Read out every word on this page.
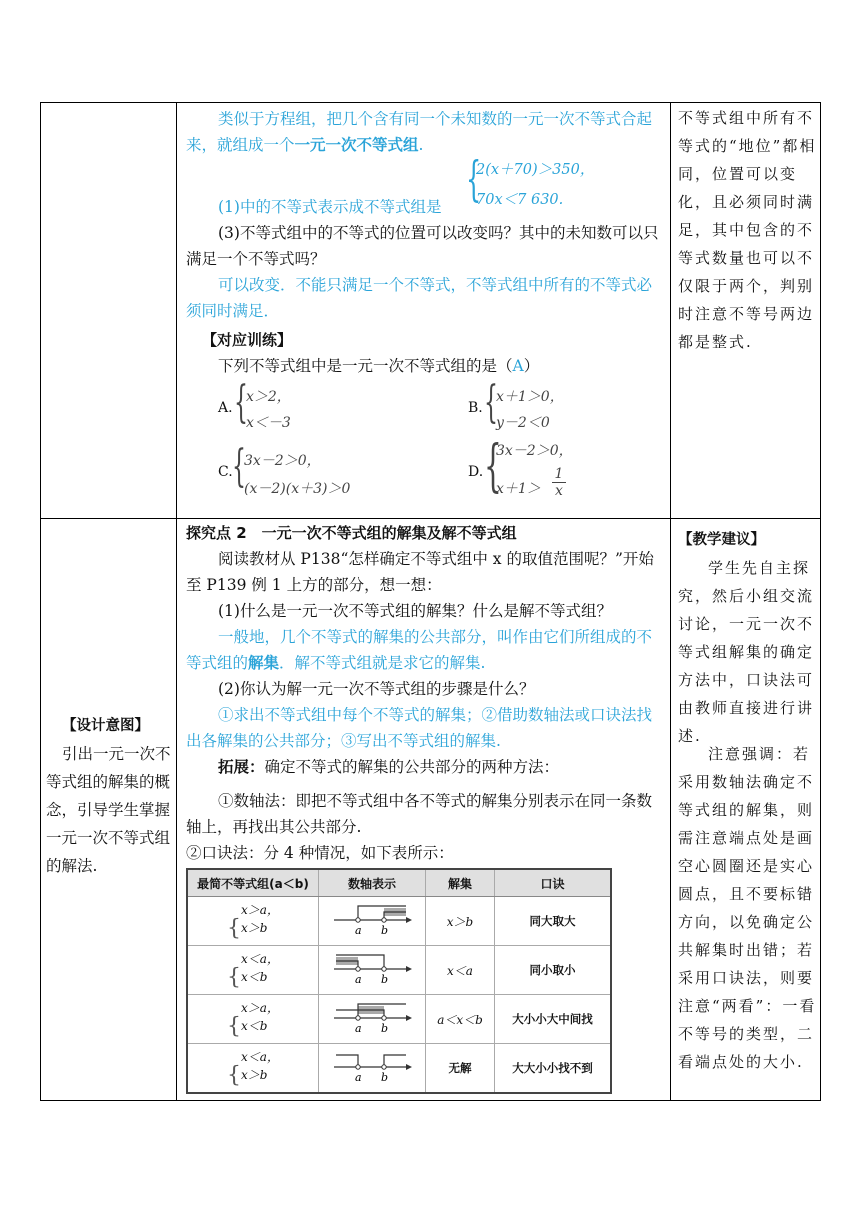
类似于方程组，把几个含有同一个未知数的一元一次不等式合起来，就组成一个一元一次不等式组.
{
2(x＋70)＞350，
70x＜7 630.
(1)中的不等式表示成不等式组是
(3)不等式组中的不等式的位置可以改变吗？其中的未知数可以只满足一个不等式吗？
可以改变．不能只满足一个不等式，不等式组中所有的不等式必须同时满足．
【对应训练】
下列不等式组中是一元一次不等式组的是（A）
A. {
x＞2，
x＜－3
B. {
x＋1＞0，
y－2＜0
C. {
3x－2＞0，
(x－2)(x＋3)＞0
D. {
3x－2＞0，
x＋1＞
1
x
不等式组中所有不等式的“地位”都相同，位置可以变化，且必须同时满足，其中包含的不等式数量也可以不仅限于两个，判别时注意不等号两边都是整式.
【设计意图】
引出一元一次不等式组的解集的概念，引导学生掌握一元一次不等式组的解法.
探究点 2　一元一次不等式组的解集及解不等式组
阅读教材从 P138“怎样确定不等式组中 x 的取值范围呢？”开始至 P139 例 1 上方的部分，想一想：
(1)什么是一元一次不等式组的解集？什么是解不等式组？
一般地，几个不等式的解集的公共部分，叫作由它们所组成的不等式组的解集．解不等式组就是求它的解集.
(2)你认为解一元一次不等式组的步骤是什么？
①求出不等式组中每个不等式的解集；②借助数轴法或口诀法找出各解集的公共部分；③写出不等式组的解集.
拓展：确定不等式的解集的公共部分的两种方法：
①数轴法：即把不等式组中各不等式的解集分别表示在同一条数轴上，再找出其公共部分.
②口诀法：分 4 种情况，如下表所示：
最简不等式组(a＜b)	数轴表示	解集	口诀
{x＞a，
x＞b	a b	x＞b	同大取大
{x＜a，
x＜b	a b	x＜a	同小取小
{x＞a，
x＜b	a b	a＜x＜b	大小小大中间找
{x＜a，
x＞b	a b	无解	大大小小找不到
【教学建议】
学生先自主探究，然后小组交流讨论，一元一次不等式组解集的确定方法中，口诀法可由教师直接进行讲述.
注意强调：若采用数轴法确定不等式组的解集，则需注意端点处是画空心圆圈还是实心圆点，且不要标错方向，以免确定公共解集时出错；若采用口诀法，则要注意“两看”：一看不等号的类型，二看端点处的大小.
